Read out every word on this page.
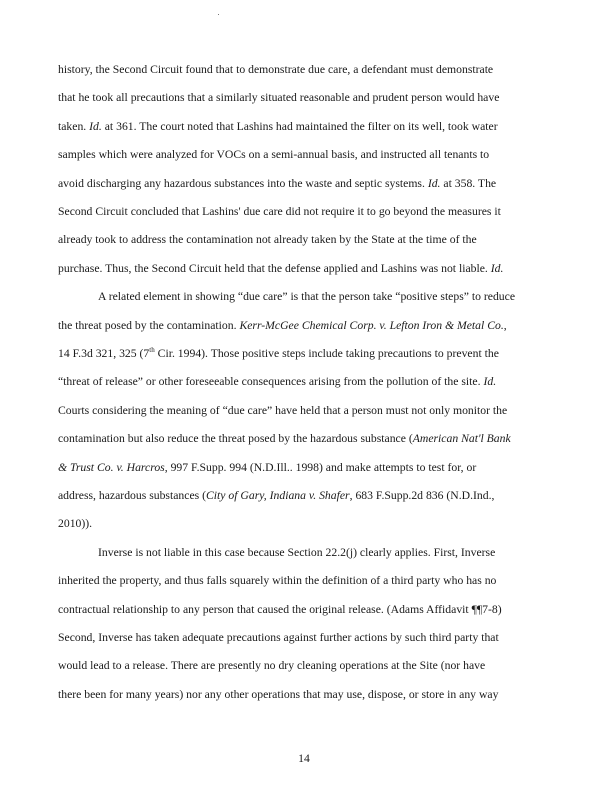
history, the Second Circuit found that to demonstrate due care, a defendant must demonstrate
that he took all precautions that a similarly situated reasonable and prudent person would have
taken. Id. at 361. The court noted that Lashins had maintained the filter on its well, took water
samples which were analyzed for VOCs on a semi-annual basis, and instructed all tenants to
avoid discharging any hazardous substances into the waste and septic systems. Id. at 358. The
Second Circuit concluded that Lashins' due care did not require it to go beyond the measures it
already took to address the contamination not already taken by the State at the time of the
purchase. Thus, the Second Circuit held that the defense applied and Lashins was not liable. Id.
A related element in showing “due care” is that the person take “positive steps” to reduce
the threat posed by the contamination. Kerr-McGee Chemical Corp. v. Lefton Iron & Metal Co.,
14 F.3d 321, 325 (7th Cir. 1994). Those positive steps include taking precautions to prevent the
“threat of release” or other foreseeable consequences arising from the pollution of the site. Id.
Courts considering the meaning of “due care” have held that a person must not only monitor the
contamination but also reduce the threat posed by the hazardous substance (American Nat'l Bank
& Trust Co. v. Harcros, 997 F.Supp. 994 (N.D.Ill.. 1998) and make attempts to test for, or
address, hazardous substances (City of Gary, Indiana v. Shafer, 683 F.Supp.2d 836 (N.D.Ind.,
2010)).
Inverse is not liable in this case because Section 22.2(j) clearly applies. First, Inverse
inherited the property, and thus falls squarely within the definition of a third party who has no
contractual relationship to any person that caused the original release. (Adams Affidavit ¶¶7-8)
Second, Inverse has taken adequate precautions against further actions by such third party that
would lead to a release. There are presently no dry cleaning operations at the Site (nor have
there been for many years) nor any other operations that may use, dispose, or store in any way
14
